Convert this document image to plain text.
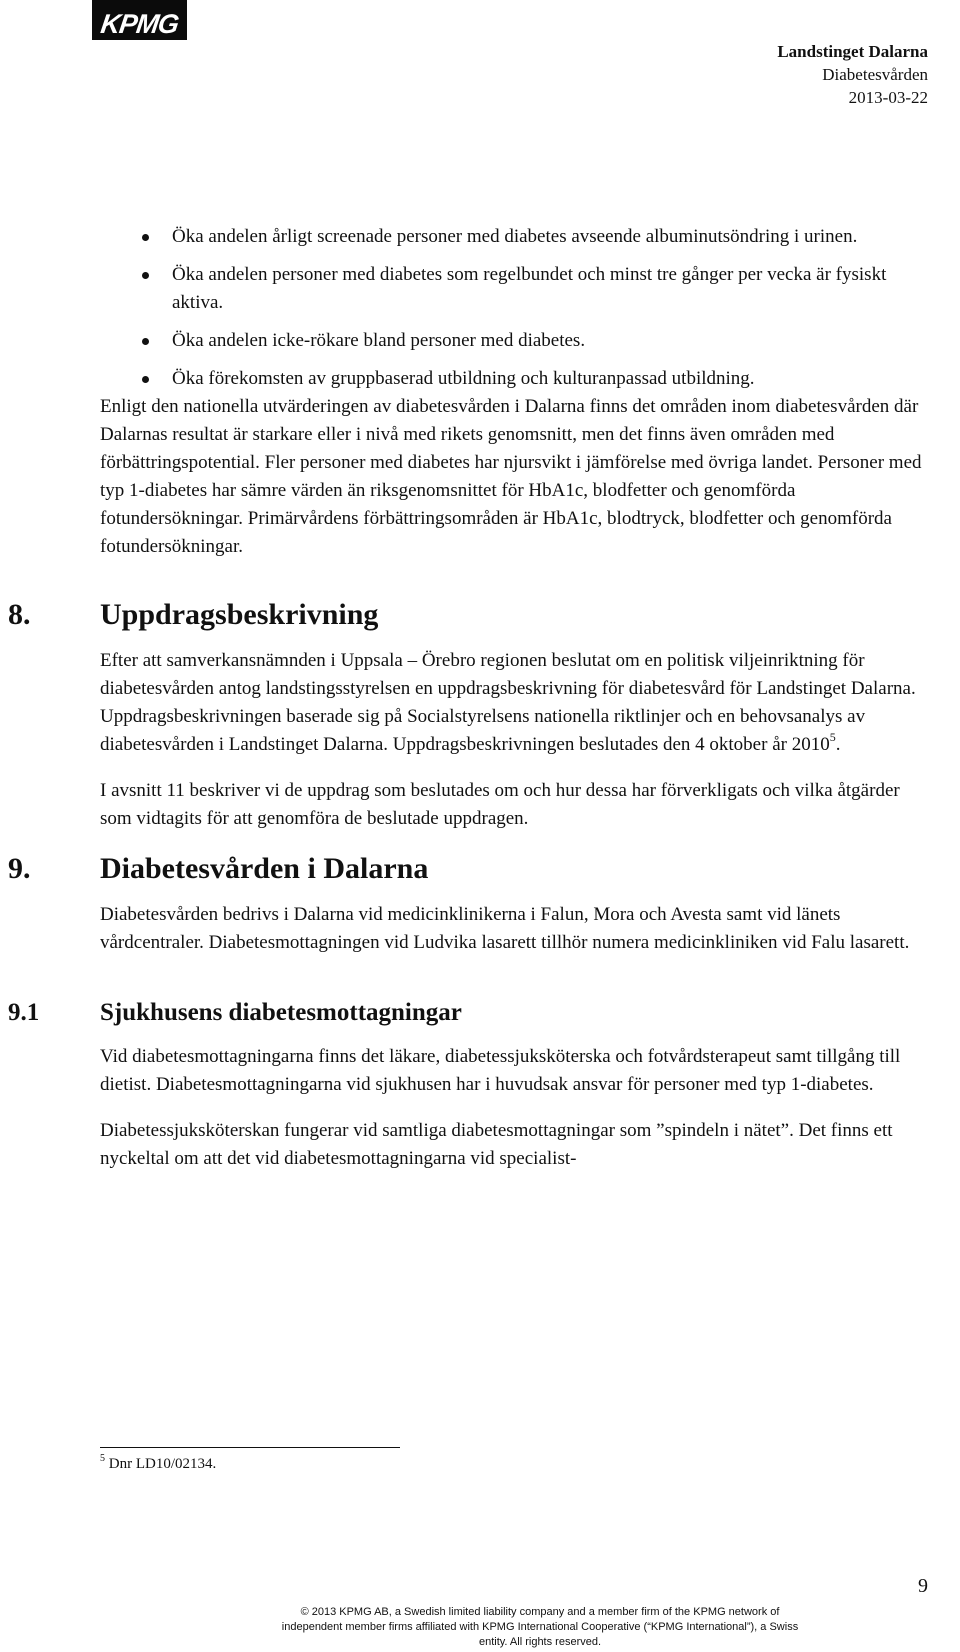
KPMG
Landstinget Dalarna
Diabetesvården
2013-03-22
Öka andelen årligt screenade personer med diabetes avseende albuminutsöndring i urinen.
Öka andelen personer med diabetes som regelbundet och minst tre gånger per vecka är fysiskt aktiva.
Öka andelen icke-rökare bland personer med diabetes.
Öka förekomsten av gruppbaserad utbildning och kulturanpassad utbildning.

Enligt den nationella utvärderingen av diabetesvården i Dalarna finns det områden inom diabetesvården där Dalarnas resultat är starkare eller i nivå med rikets genomsnitt, men det finns även områden med förbättringspotential. Fler personer med diabetes har njursvikt i jämförelse med övriga landet. Personer med typ 1-diabetes har sämre värden än riksgenomsnittet för HbA1c, blodfetter och genomförda fotundersökningar. Primärvårdens förbättringsområden är HbA1c, blodtryck, blodfetter och genomförda fotundersökningar.

8. Uppdragsbeskrivning

Efter att samverkansnämnden i Uppsala – Örebro regionen beslutat om en politisk viljeinriktning för diabetesvården antog landstingsstyrelsen en uppdragsbeskrivning för diabetesvård för Landstinget Dalarna. Uppdragsbeskrivningen baserade sig på Socialstyrelsens nationella riktlinjer och en behovsanalys av diabetesvården i Landstinget Dalarna. Uppdragsbeskrivningen beslutades den 4 oktober år 2010$^5$.

I avsnitt 11 beskriver vi de uppdrag som beslutades om och hur dessa har förverkligats och vilka åtgärder som vidtagits för att genomföra de beslutade uppdragen.

9. Diabetesvården i Dalarna

Diabetesvården bedrivs i Dalarna vid medicinklinikerna i Falun, Mora och Avesta samt vid länets vårdcentraler. Diabetesmottagningen vid Ludvika lasarett tillhör numera medicinkliniken vid Falu lasarett.

9.1 Sjukhusens diabetesmottagningar

Vid diabetesmottagningarna finns det läkare, diabetessjuksköterska och fotvårdsterapeut samt tillgång till dietist. Diabetesmottagningarna vid sjukhusen har i huvudsak ansvar för personer med typ 1-diabetes.

Diabetessjuksköterskan fungerar vid samtliga diabetesmottagningar som ”spindeln i nätet”. Det finns ett nyckeltal om att det vid diabetesmottagningarna vid specialist-

$^5$ Dnr LD10/02134.
9
© 2013 KPMG AB, a Swedish limited liability company and a member firm of the KPMG network of independent member firms affiliated with KPMG International Cooperative (“KPMG International”), a Swiss entity. All rights reserved.
